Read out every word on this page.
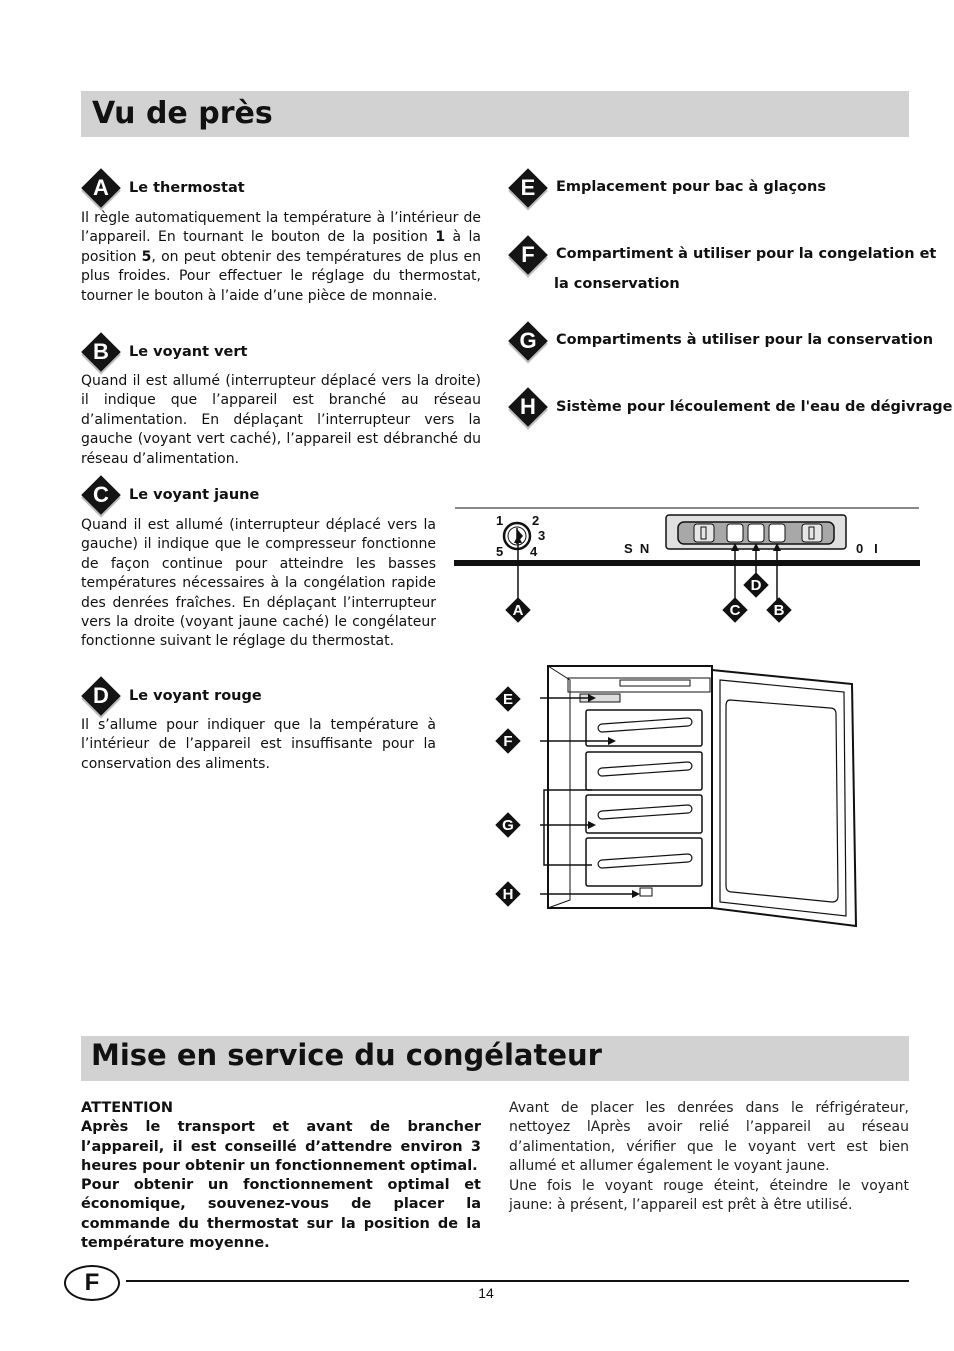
Vu de près
A	Le thermostat

Il règle automatiquement la température à l’intérieur de l’appareil. En tournant le bouton de la position 1 à la position 5, on peut obtenir des températures de plus en plus froides. Pour effectuer le réglage du thermostat, tourner le bouton à l’aide d’une pièce de monnaie.

B	Le voyant vert

Quand il est allumé (interrupteur déplacé vers la droite) il indique que l’appareil est branché au réseau d’alimentation. En déplaçant l’interrupteur vers la gauche (voyant vert caché), l’appareil est débranché du réseau d’alimentation.

C	Le voyant jaune

Quand il est allumé (interrupteur déplacé vers la gauche) il indique que le compresseur fonctionne de façon continue pour atteindre les basses températures nécessaires à la congélation rapide des denrées fraîches. En déplaçant l’interrupteur vers la droite (voyant jaune caché) le congélateur fonctionne suivant le réglage du thermostat.

D	Le voyant rouge

Il s’allume pour indiquer que la température à l’intérieur de l’appareil est insuffisante pour la conservation des aliments.

E	Emplacement pour bac à glaçons
F	Compartiment à utiliser pour la congelation et
la conservation
G	Compartiments à utiliser pour la conservation
H	Sistème pour lécoulement de l'eau de dégivrage
1 2
3
4
5	S  N	0   I
A	C	B
D
E
F
G
H
Mise en service du congélateur

ATTENTION

Après le transport et avant de brancher l’appareil, il est conseillé d’attendre environ 3 heures pour obtenir un fonctionnement optimal.

Pour obtenir un fonctionnement optimal et économique, souvenez-vous de placer la commande du thermostat sur la position de la température moyenne.

Avant de placer les denrées dans le réfrigérateur, nettoyez lAprès avoir relié l’appareil au réseau d’alimentation, vérifier que le voyant vert est bien allumé et allumer également le voyant jaune.

Une fois le voyant rouge éteint, éteindre le voyant jaune: à présent, l’appareil est prêt à être utilisé.

F	14
